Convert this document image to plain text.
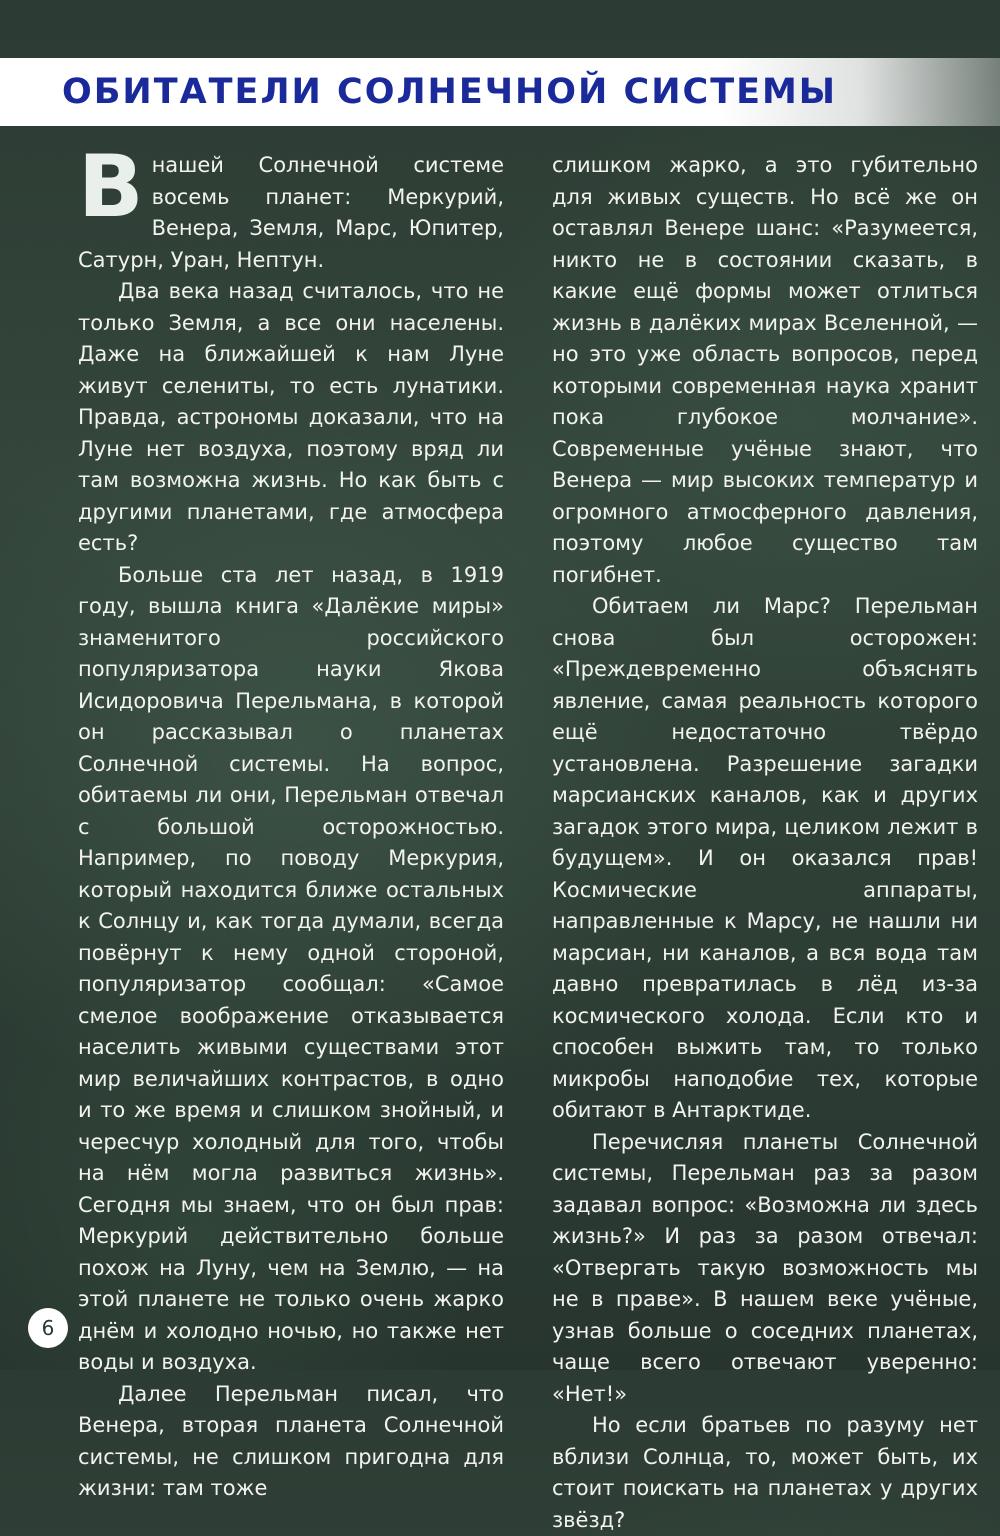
ОБИТАТЕЛИ СОЛНЕЧНОЙ СИСТЕМЫ

В нашей Солнечной системе восемь планет: Меркурий, Венера, Земля, Марс, Юпитер, Сатурн, Уран, Нептун.

Два века назад считалось, что не только Земля, а все они населены. Даже на ближайшей к нам Луне живут селениты, то есть лунатики. Правда, астрономы доказали, что на Луне нет воздуха, поэтому вряд ли там возможна жизнь. Но как быть с другими планетами, где атмосфера есть?

Больше ста лет назад, в 1919 году, вышла книга «Далёкие миры» знаменитого российского популяризатора науки Якова Исидоровича Перельмана, в которой он рассказывал о планетах Солнечной системы. На вопрос, обитаемы ли они, Перельман отвечал с большой осторожностью. Например, по поводу Меркурия, который находится ближе остальных к Солнцу и, как тогда думали, всегда повёрнут к нему одной стороной, популяризатор сообщал: «Самое смелое воображение отказывается населить живыми существами этот мир величайших контрастов, в одно и то же время и слишком знойный, и чересчур холодный для того, чтобы на нём могла развиться жизнь». Сегодня мы знаем, что он был прав: Меркурий действительно больше похож на Луну, чем на Землю, — на этой планете не только очень жарко днём и холодно ночью, но также нет воды и воздуха.

Далее Перельман писал, что Венера, вторая планета Солнечной системы, не слишком пригодна для жизни: там тоже

слишком жарко, а это губительно для живых существ. Но всё же он оставлял Венере шанс: «Разумеется, никто не в состоянии сказать, в какие ещё формы может отлиться жизнь в далёких мирах Вселенной, — но это уже область вопросов, перед которыми современная наука хранит пока глубокое молчание». Современные учёные знают, что Венера — мир высоких температур и огромного атмосферного давления, поэтому любое существо там погибнет.

Обитаем ли Марс? Перельман снова был осторожен: «Преждевременно объяснять явление, самая реальность которого ещё недостаточно твёрдо установлена. Разрешение загадки марсианских каналов, как и других загадок этого мира, целиком лежит в будущем». И он оказался прав! Космические аппараты, направленные к Марсу, не нашли ни марсиан, ни каналов, а вся вода там давно превратилась в лёд из-за космического холода. Если кто и способен выжить там, то только микробы наподобие тех, которые обитают в Антарктиде.

Перечисляя планеты Солнечной системы, Перельман раз за разом задавал вопрос: «Возможна ли здесь жизнь?» И раз за разом отвечал: «Отвергать такую возможность мы не в праве». В нашем веке учёные, узнав больше о соседних планетах, чаще всего отвечают уверенно: «Нет!»

Но если братьев по разуму нет вблизи Солнца, то, может быть, их стоит поискать на планетах у других звёзд?

6
